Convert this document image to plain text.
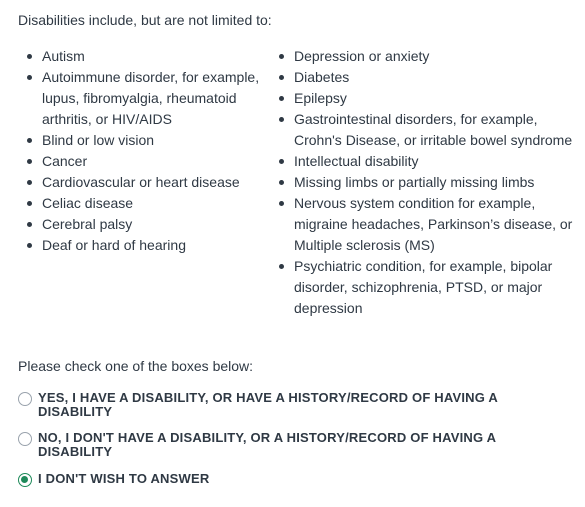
Disabilities include, but are not limited to:
Autism
Autoimmune disorder, for example, lupus, fibromyalgia, rheumatoid arthritis, or HIV/AIDS
Blind or low vision
Cancer
Cardiovascular or heart disease
Celiac disease
Cerebral palsy
Deaf or hard of hearing
Depression or anxiety
Diabetes
Epilepsy
Gastrointestinal disorders, for example, Crohn's Disease, or irritable bowel syndrome
Intellectual disability
Missing limbs or partially missing limbs
Nervous system condition for example, migraine headaches, Parkinson’s disease, or Multiple sclerosis (MS)
Psychiatric condition, for example, bipolar disorder, schizophrenia, PTSD, or major depression
Please check one of the boxes below:
YES, I HAVE A DISABILITY, OR HAVE A HISTORY/RECORD OF HAVING A DISABILITY
NO, I DON'T HAVE A DISABILITY, OR A HISTORY/RECORD OF HAVING A DISABILITY
I DON'T WISH TO ANSWER
